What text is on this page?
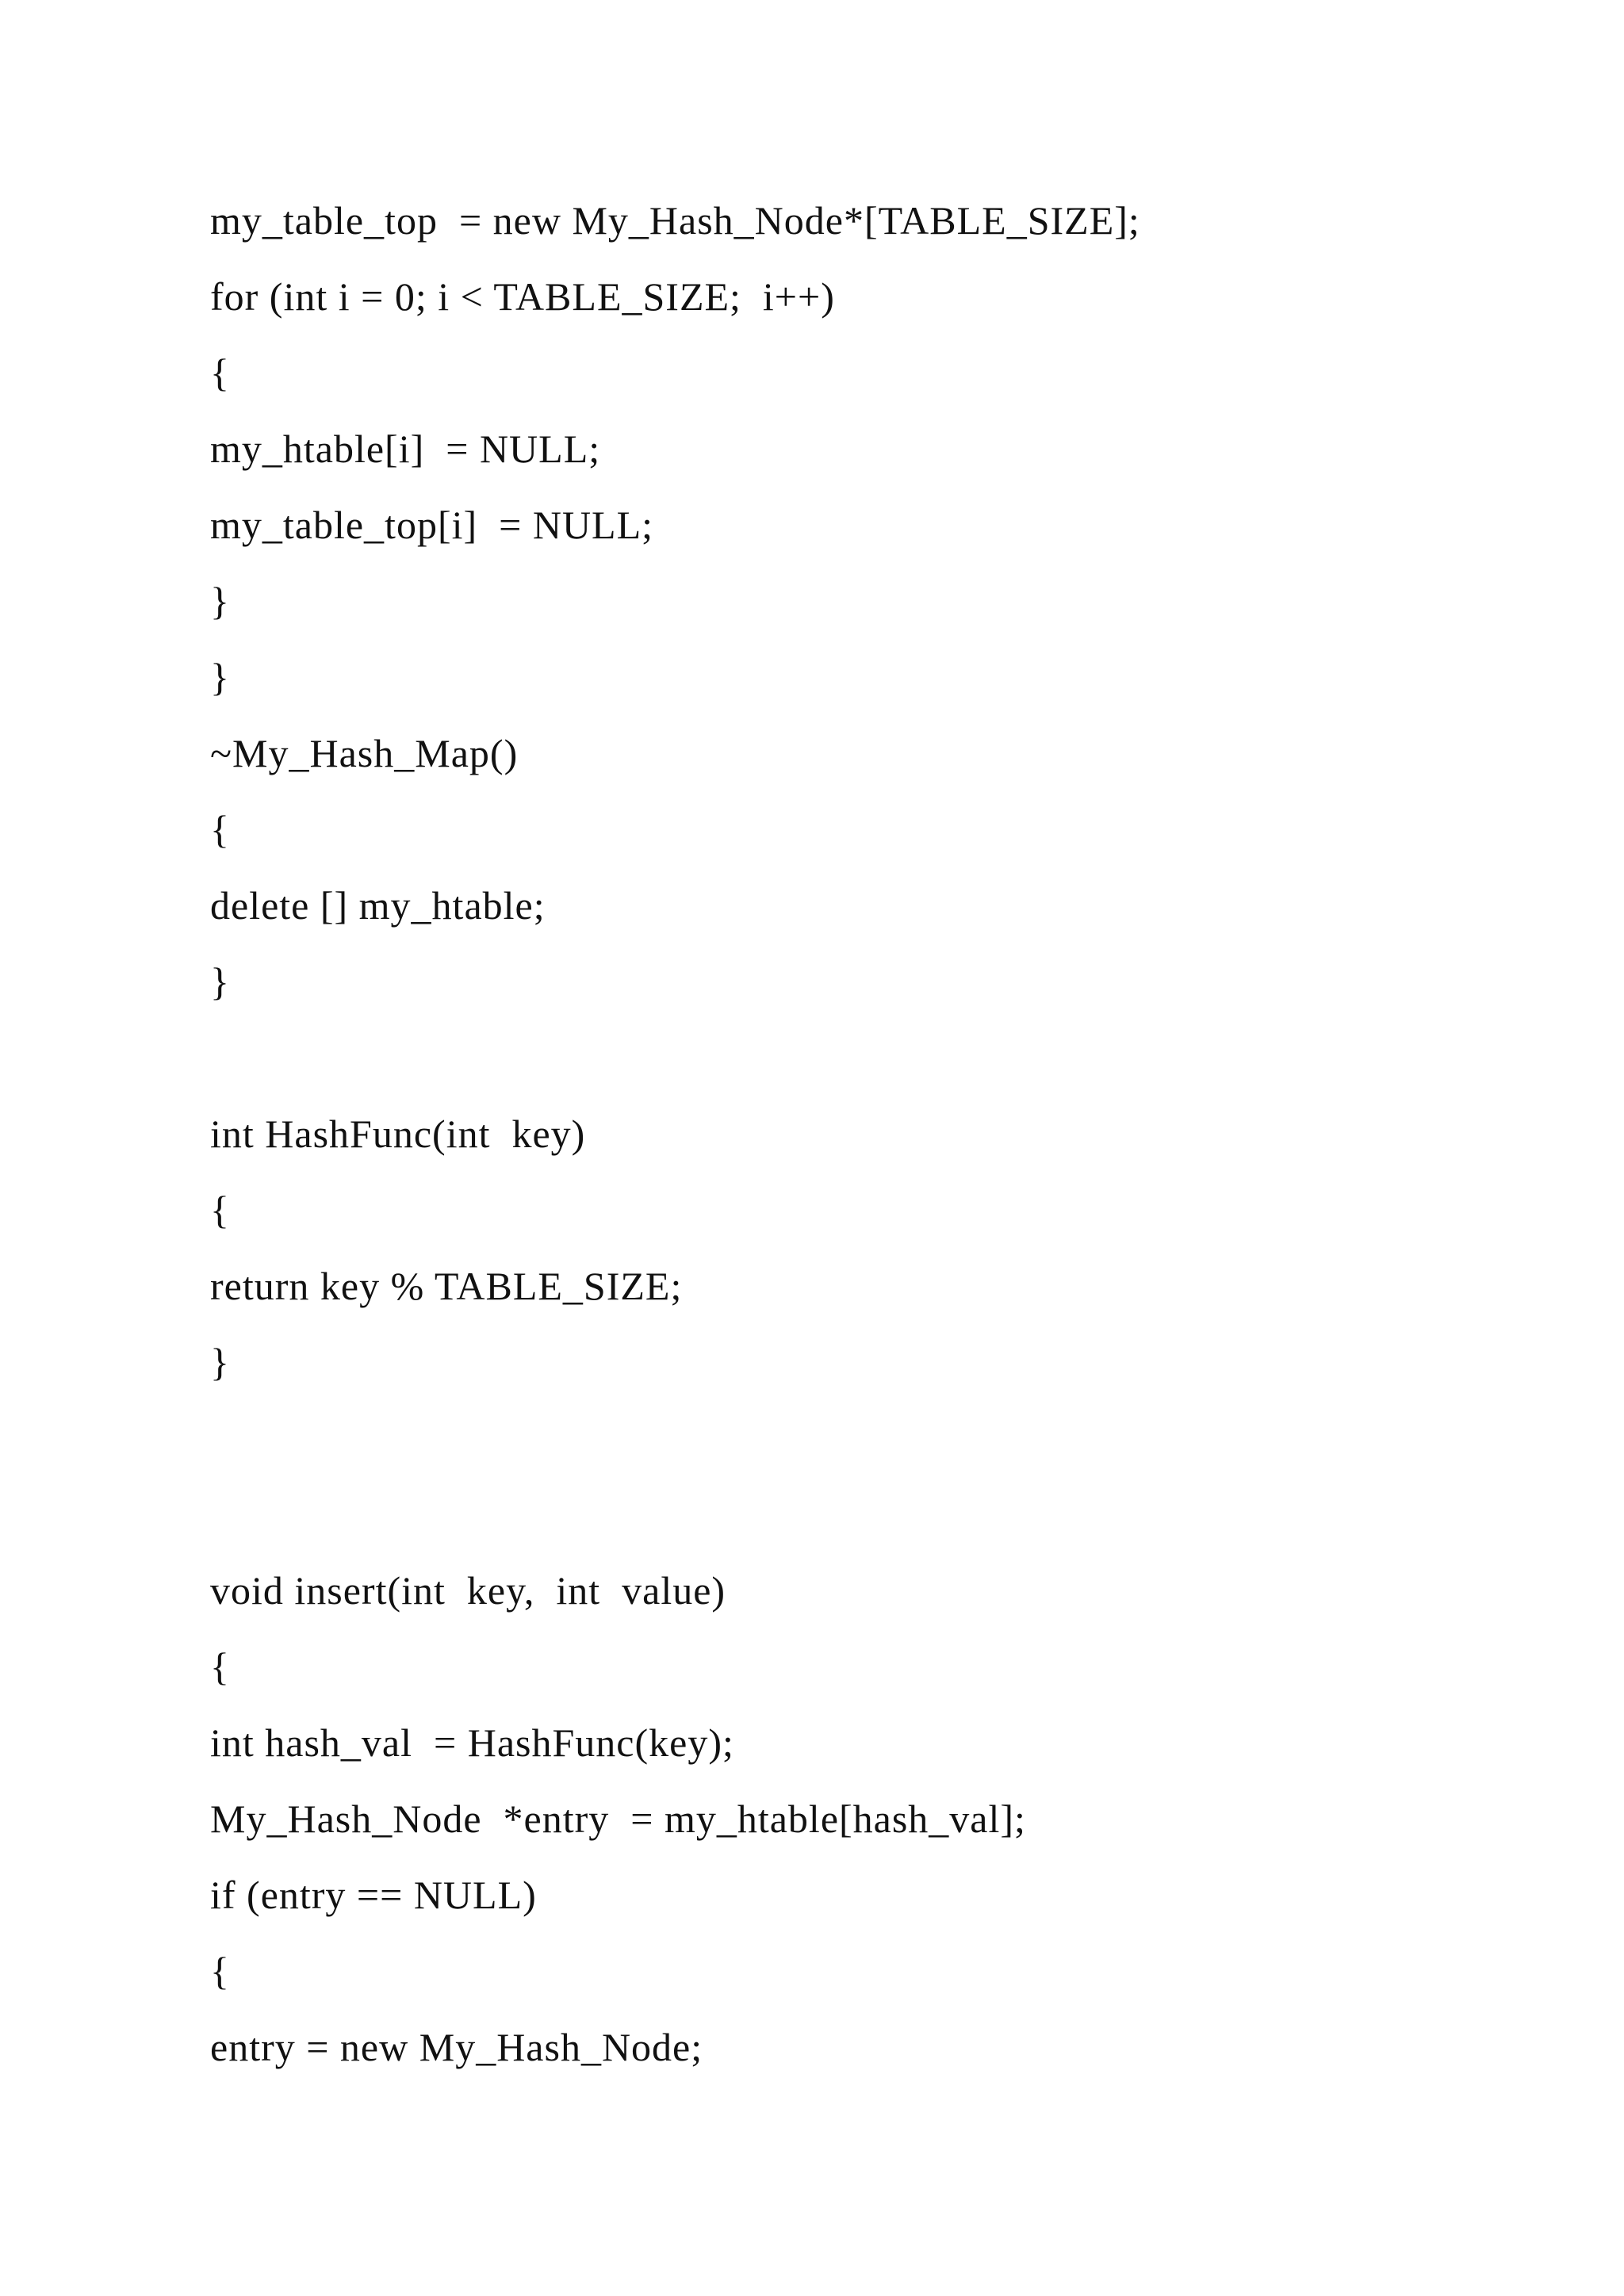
my_table_top  = new My_Hash_Node*[TABLE_SIZE];

for (int i = 0; i < TABLE_SIZE;  i++)

{

my_htable[i]  = NULL;

my_table_top[i]  = NULL;

}

}

~My_Hash_Map()

{

delete [] my_htable;

}

int HashFunc(int  key)

{

return key % TABLE_SIZE;

}

void insert(int  key,  int  value)

{

int hash_val  = HashFunc(key);

My_Hash_Node  *entry  = my_htable[hash_val];

if (entry == NULL)

{

entry = new My_Hash_Node;
